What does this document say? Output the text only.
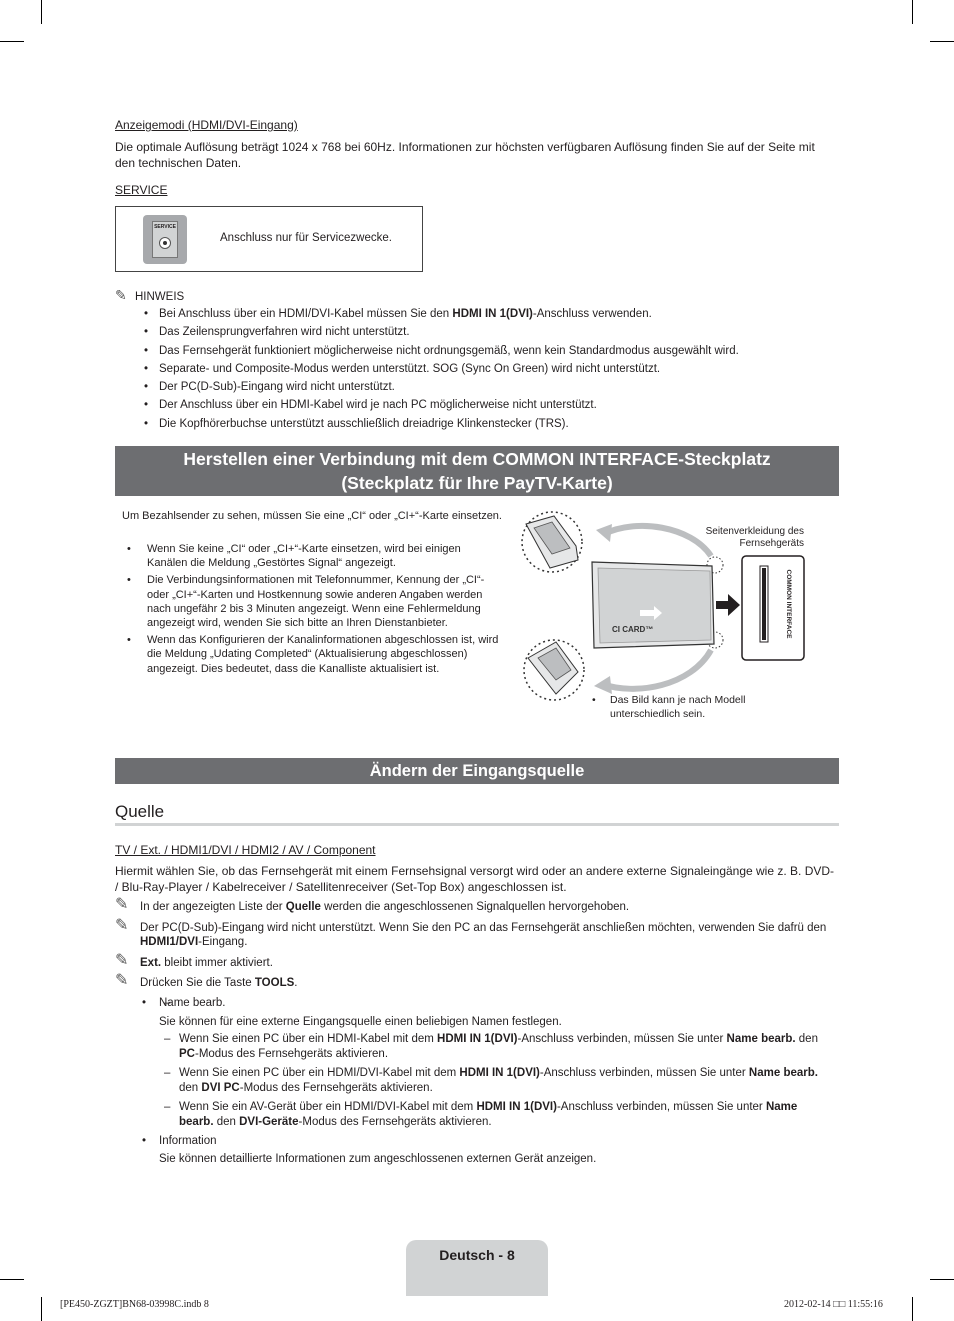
Anzeigemodi (HDMI/DVI-Eingang)
Die optimale Auflösung beträgt 1024 x 768 bei 60Hz. Informationen zur höchsten verfügbaren Auflösung finden Sie auf der Seite mit den technischen Daten.
SERVICE
SERVICE
Anschluss nur für Servicezwecke.
✎ HINWEIS
• Bei Anschluss über ein HDMI/DVI-Kabel müssen Sie den HDMI IN 1(DVI)-Anschluss verwenden.
• Das Zeilensprungverfahren wird nicht unterstützt.
• Das Fernsehgerät funktioniert möglicherweise nicht ordnungsgemäß, wenn kein Standardmodus ausgewählt wird.
• Separate- und Composite-Modus werden unterstützt. SOG (Sync On Green) wird nicht unterstützt.
• Der PC(D-Sub)-Eingang wird nicht unterstützt.
• Der Anschluss über ein HDMI-Kabel wird je nach PC möglicherweise nicht unterstützt.
• Die Kopfhörerbuchse unterstützt ausschließlich dreiadrige Klinkenstecker (TRS).
Herstellen einer Verbindung mit dem COMMON INTERFACE-Steckplatz
(Steckplatz für Ihre PayTV-Karte)
Um Bezahlsender zu sehen, müssen Sie eine „CI“ oder „CI+“-Karte einsetzen.
Wenn Sie keine „CI“ oder „CI+“-Karte einsetzen, wird bei einigen Kanälen die Meldung „Gestörtes Signal“ angezeigt.
•
Die Verbindungsinformationen mit Telefonnummer, Kennung der „CI“- oder „CI+“-Karten und Hostkennung sowie anderen Angaben werden nach ungefähr 2 bis 3 Minuten angezeigt. Wenn eine Fehlermeldung angezeigt wird, wenden Sie sich bitte an Ihren Dienstanbieter.
•
Wenn das Konfigurieren der Kanalinformationen abgeschlossen ist, wird die Meldung „Udating Completed“ (Aktualisierung abgeschlossen) angezeigt. Dies bedeutet, dass die Kanalliste aktualisiert ist.
•
CI CARD™	COMMON INTERFACE
Seitenverkleidung des
Fernsehgeräts
• Das Bild kann je nach Modell unterschiedlich sein.
Ändern der Eingangsquelle
Quelle
TV / Ext. / HDMI1/DVI / HDMI2 / AV / Component
Hiermit wählen Sie, ob das Fernsehgerät mit einem Fernsehsignal versorgt wird oder an andere externe Signaleingänge wie z. B. DVD- / Blu-Ray-Player / Kabelreceiver / Satellitenreceiver (Set-Top Box) angeschlossen ist.
✎ In der angezeigten Liste der Quelle werden die angeschlossenen Signalquellen hervorgehoben.
✎ Der PC(D-Sub)-Eingang wird nicht unterstützt. Wenn Sie den PC an das Fernsehgerät anschließen möchten, verwenden Sie dafrü den HDMI1/DVI-Eingang.
✎ Ext. bleibt immer aktiviert.
✎ Drücken Sie die Taste TOOLS.
– • Name bearb.
Sie können für eine externe Eingangsquelle einen beliebigen Namen festlegen.
– Wenn Sie einen PC über ein HDMI-Kabel mit dem HDMI IN 1(DVI)-Anschluss verbinden, müssen Sie unter Name bearb. den PC-Modus des Fernsehgeräts aktivieren.
– Wenn Sie einen PC über ein HDMI/DVI-Kabel mit dem HDMI IN 1(DVI)-Anschluss verbinden, müssen Sie unter Name bearb. den DVI PC-Modus des Fernsehgeräts aktivieren.
– Wenn Sie ein AV-Gerät über ein HDMI/DVI-Kabel mit dem HDMI IN 1(DVI)-Anschluss verbinden, müssen Sie unter Name bearb. den DVI-Geräte-Modus des Fernsehgeräts aktivieren.
• Information
Sie können detaillierte Informationen zum angeschlossenen externen Gerät anzeigen.
Deutsch - 8
[PE450-ZGZT]BN68-03998C.indb 8	2012-02-14 □□ 11:55:16
